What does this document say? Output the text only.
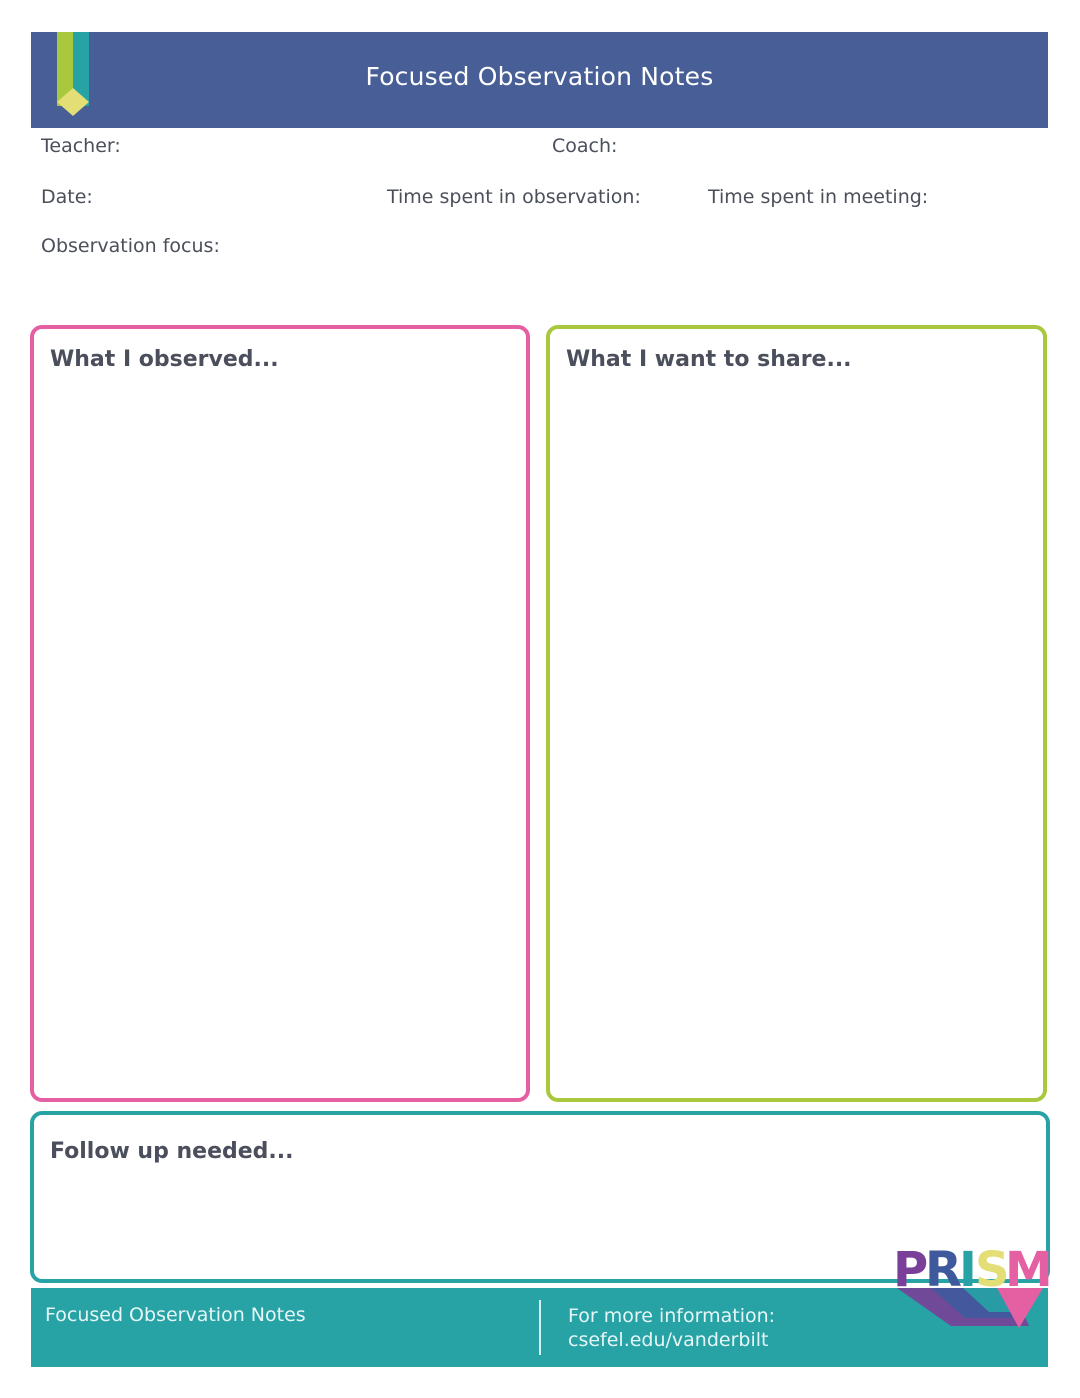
Focused Observation Notes
Teacher:	Coach:
Date:	Time spent in observation:	Time spent in meeting:
Observation focus:
What I observed...	What I want to share...
Follow up needed...
Focused Observation Notes	For more information:
csefel.edu/vanderbilt
P
R
I
S
M
